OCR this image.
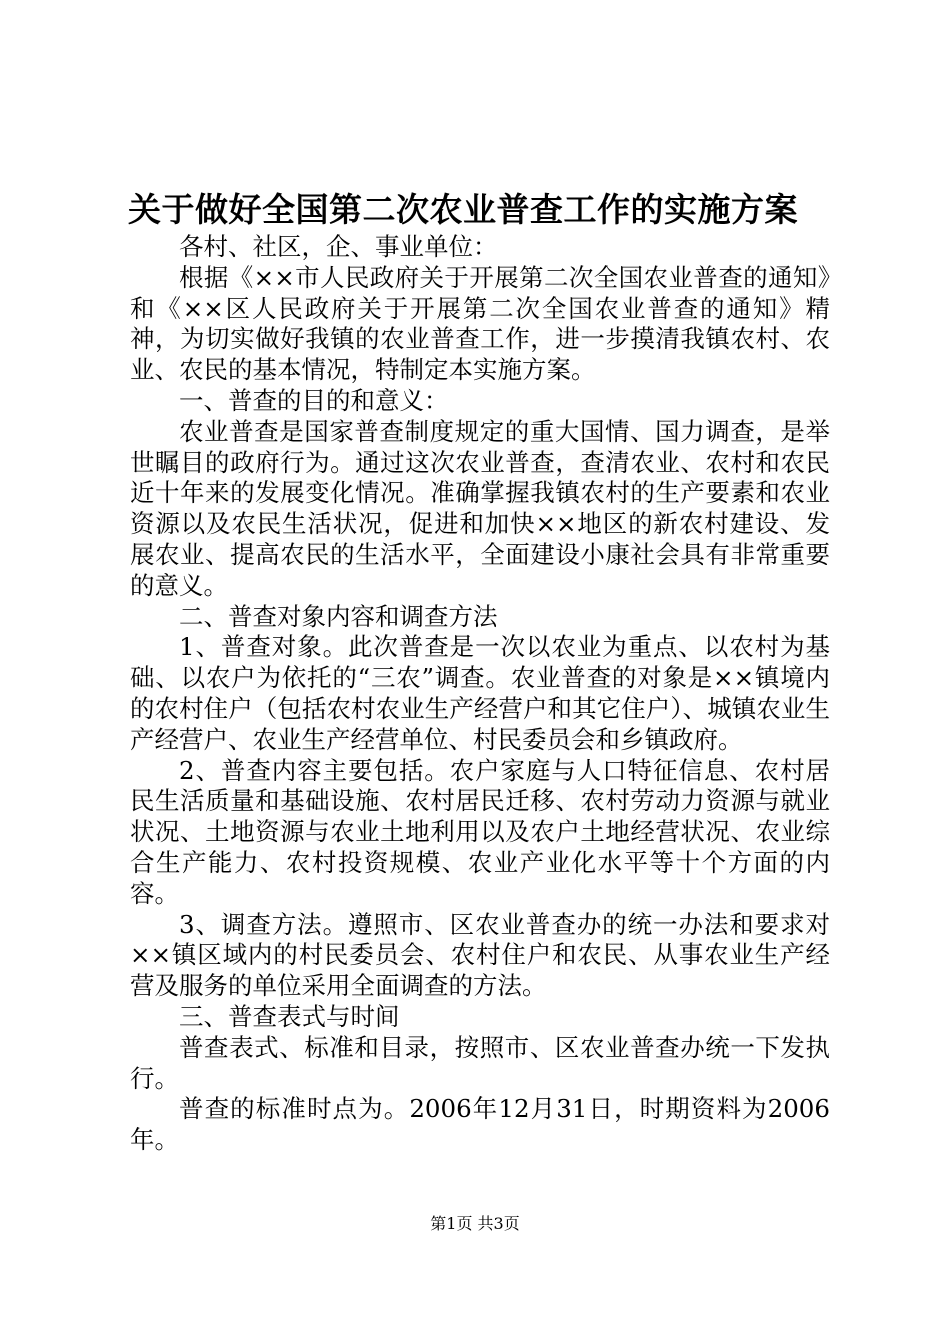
关于做好全国第二次农业普查工作的实施方案

各村、社区，企、事业单位：

根据《××市人民政府关于开展第二次全国农业普查的通知》和《××区人民政府关于开展第二次全国农业普查的通知》精神，为切实做好我镇的农业普查工作，进一步摸清我镇农村、农业、农民的基本情况，特制定本实施方案。

一、普查的目的和意义：

农业普查是国家普查制度规定的重大国情、国力调查，是举世瞩目的政府行为。通过这次农业普查，查清农业、农村和农民近十年来的发展变化情况。准确掌握我镇农村的生产要素和农业资源以及农民生活状况，促进和加快××地区的新农村建设、发展农业、提高农民的生活水平，全面建设小康社会具有非常重要的意义。

二、普查对象内容和调查方法

1、普查对象。此次普查是一次以农业为重点、以农村为基础、以农户为依托的“三农”调查。农业普查的对象是××镇境内的农村住户（包括农村农业生产经营户和其它住户）、城镇农业生产经营户、农业生产经营单位、村民委员会和乡镇政府。

2、普查内容主要包括。农户家庭与人口特征信息、农村居民生活质量和基础设施、农村居民迁移、农村劳动力资源与就业状况、土地资源与农业土地利用以及农户土地经营状况、农业综合生产能力、农村投资规模、农业产业化水平等十个方面的内容。

3、调查方法。遵照市、区农业普查办的统一办法和要求对××镇区域内的村民委员会、农村住户和农民、从事农业生产经营及服务的单位采用全面调查的方法。

三、普查表式与时间

普查表式、标准和目录，按照市、区农业普查办统一下发执行。

普查的标准时点为。2006年12月31日，时期资料为2006年。

第1页 共3页
